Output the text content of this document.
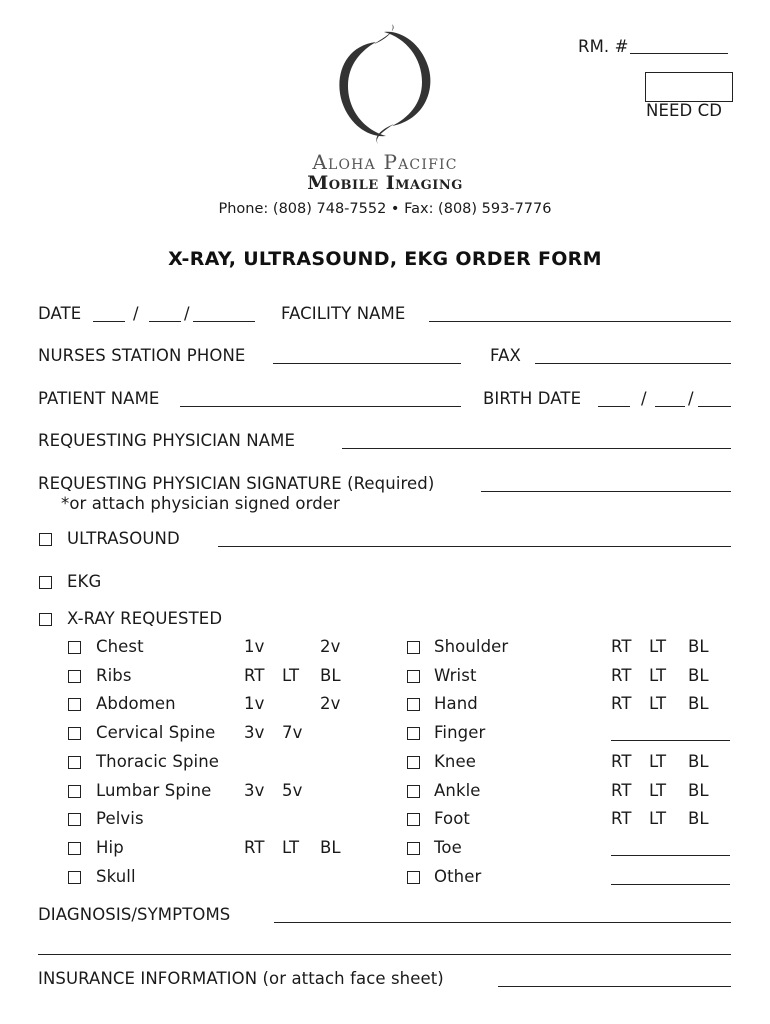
RM. #
NEED CD
Aloha Pacific
Mobile Imaging
Phone: (808) 748-7552 • Fax: (808) 593-7776
X-RAY, ULTRASOUND, EKG ORDER FORM
DATE	/	/	FACILITY NAME
NURSES STATION PHONE	FAX
PATIENT NAME	BIRTH DATE	/	/
REQUESTING PHYSICIAN NAME
REQUESTING PHYSICIAN SIGNATURE (Required)
*or attach physician signed order
ULTRASOUND
EKG
X-RAY REQUESTED
Chest	1v	2v
Ribs	RT LT BL
Abdomen	1v	2v
Cervical Spine 3v 7v
Thoracic Spine
Lumbar Spine 3v 5v
Pelvis
Hip	RT LT BL
Skull
Shoulder	RT LT BL
Wrist	RT LT BL
Hand	RT LT BL
Finger
Knee	RT LT BL
Ankle	RT LT BL
Foot	RT LT BL
Toe
Other
DIAGNOSIS/SYMPTOMS
INSURANCE INFORMATION (or attach face sheet)
